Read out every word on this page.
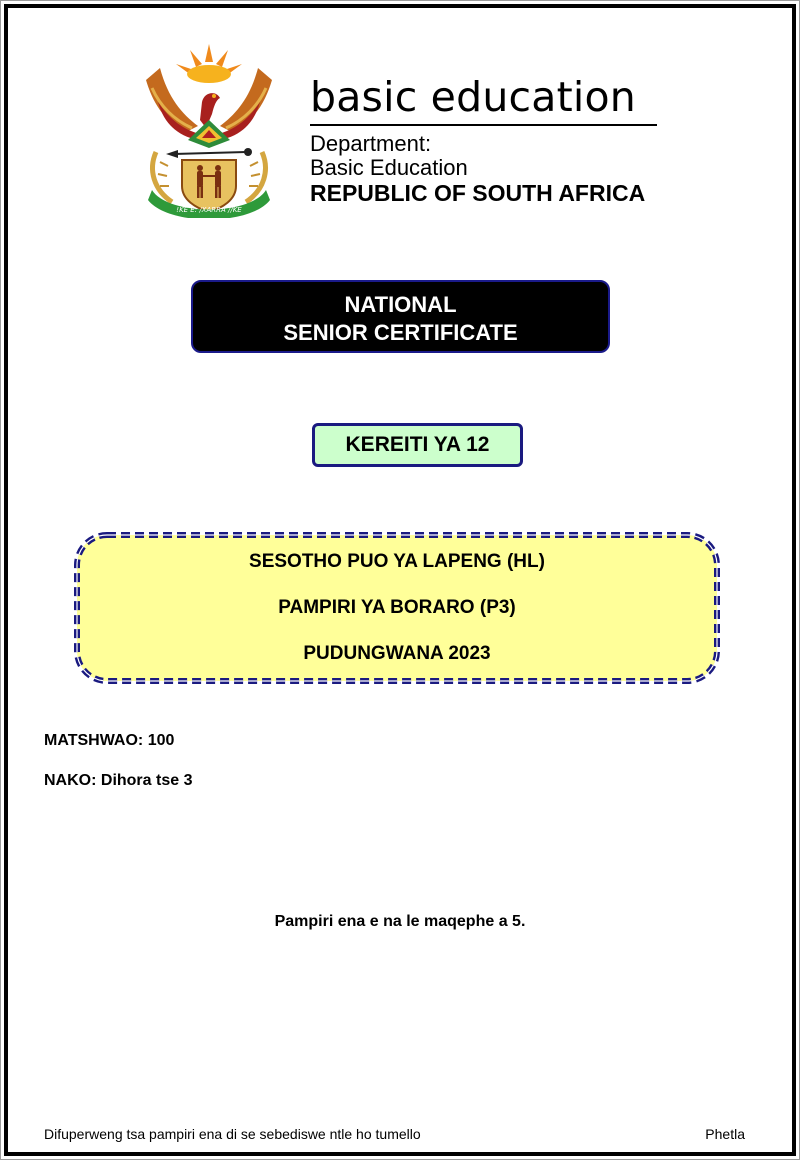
!KE E: /XARRA //KE
basic education
Department:
Basic Education
REPUBLIC OF SOUTH AFRICA
NATIONAL
SENIOR CERTIFICATE
KEREITI YA 12
SESOTHO PUO YA LAPENG (HL)
PAMPIRI YA BORARO (P3)
PUDUNGWANA 2023
MATSHWAO: 100
NAKO: Dihora tse 3
Pampiri ena e na le maqephe a 5.
Difuperweng tsa pampiri ena di se sebediswe ntle ho tumello	Phetla
